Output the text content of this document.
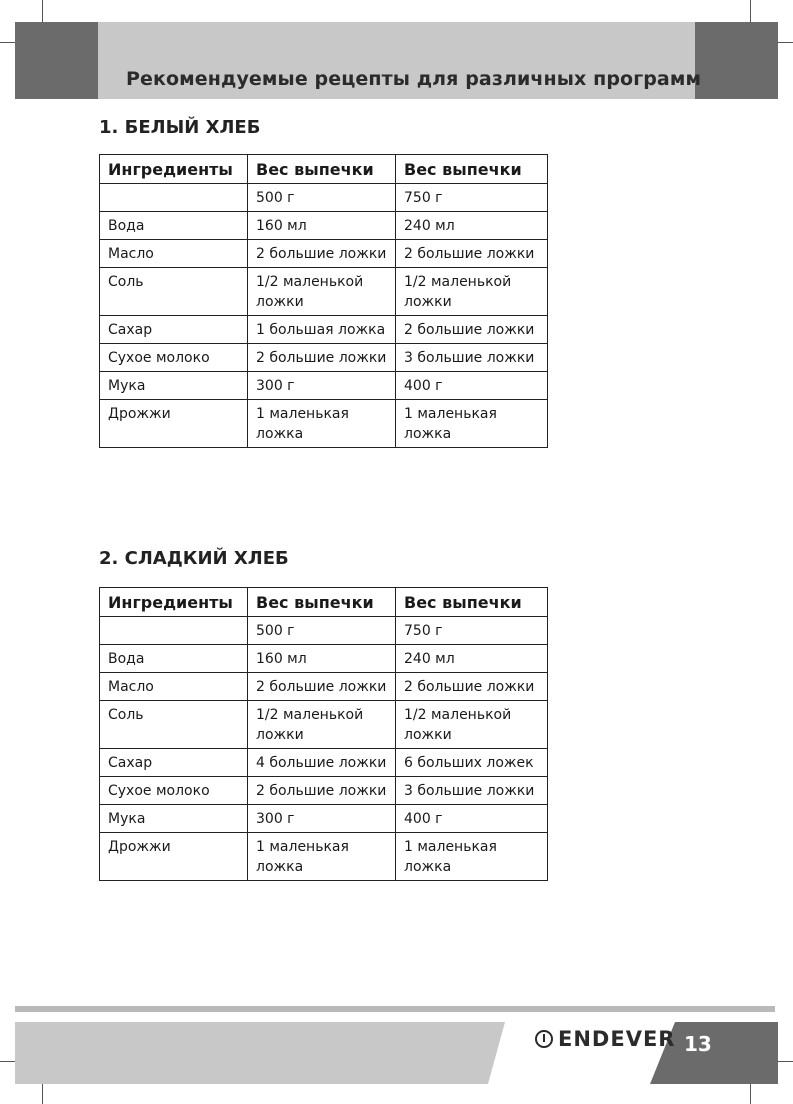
Рекомендуемые рецепты для различных программ
1. БЕЛЫЙ ХЛЕБ
Ингредиенты	Вес выпечки	Вес выпечки
	500 г	750 г
Вода	160 мл	240 мл
Масло	2 большие ложки	2 большие ложки
Соль	1/2 маленькой ложки	1/2 маленькой ложки
Сахар	1 большая ложка	2 большие ложки
Сухое молоко	2 большие ложки	3 большие ложки
Мука	300 г	400 г
Дрожжи	1 маленькая ложка	1 маленькая ложка
2. СЛАДКИЙ ХЛЕБ
Ингредиенты	Вес выпечки	Вес выпечки
	500 г	750 г
Вода	160 мл	240 мл
Масло	2 большие ложки	2 большие ложки
Соль	1/2 маленькой ложки	1/2 маленькой ложки
Сахар	4 большие ложки	6 больших ложек
Сухое молоко	2 большие ложки	3 большие ложки
Мука	300 г	400 г
Дрожжи	1 маленькая ложка	1 маленькая ложка
ENDEVER 13
